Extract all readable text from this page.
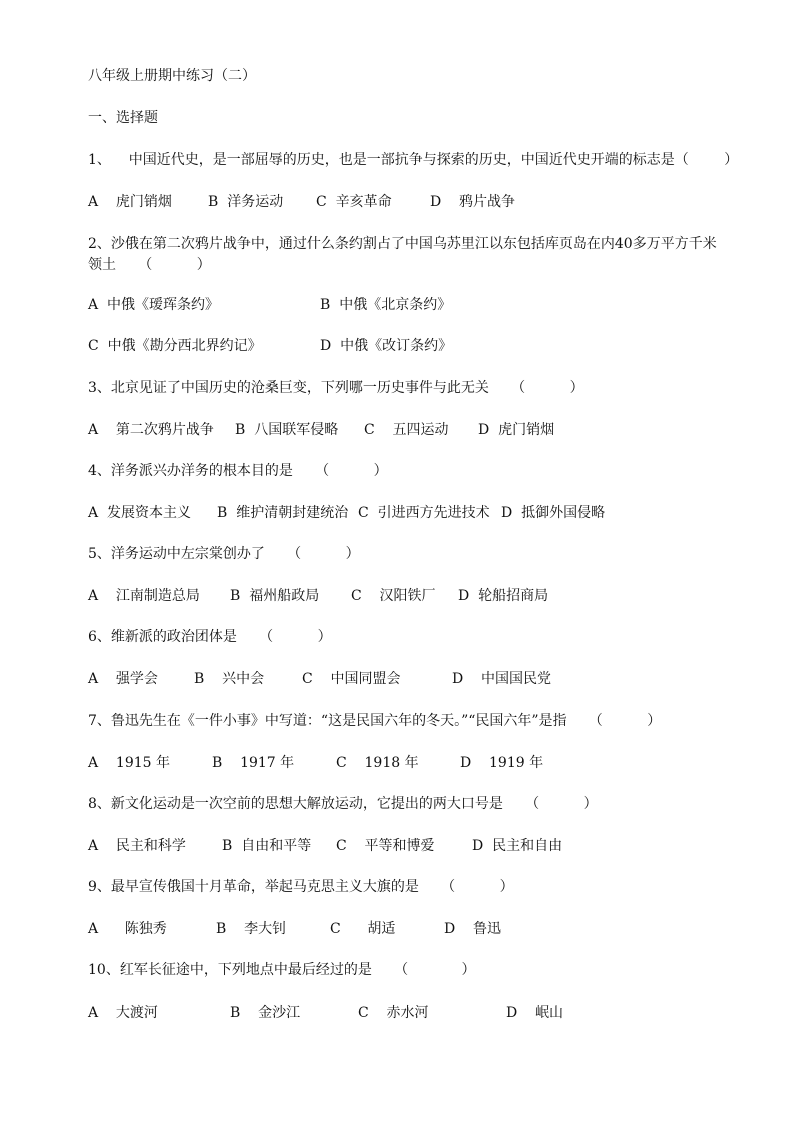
八年级上册期中练习（二）
一、选择题
1、    中国近代史，是一部屈辱的历史，也是一部抗争与探索的历史，中国近代史开端的标志是（        ）
A    虎门销烟	B  洋务运动 C  辛亥革命	D    鸦片战争
2、沙俄在第二次鸦片战争中，通过什么条约割占了中国乌苏里江以东包括库页岛在内40多万平方千米
领土     （          ）
A  中俄《瑷珲条约》	B  中俄《北京条约》
C  中俄《勘分西北界约记》	D  中俄《改订条约》
3、北京见证了中国历史的沧桑巨变，下列哪一历史事件与此无关     （          ）
A    第二次鸦片战争 B  八国联军侵略 C    五四运动 D  虎门销烟
4、洋务派兴办洋务的根本目的是     （          ）
A  发展资本主义 B  维护清朝封建统治 C  引进西方先进技术 D  抵御外国侵略
5、洋务运动中左宗棠创办了     （          ）
A    江南制造总局 B  福州船政局 C    汉阳铁厂 D  轮船招商局
6、维新派的政治团体是     （          ）
A    强学会	B    兴中会	C    中国同盟会	D    中国国民党
7、鲁迅先生在《一件小事》中写道：“这是民国六年的冬天。”“民国六年”是指     （          ）
A    1915 年	B    1917 年	C    1918 年	D    1919 年
8、新文化运动是一次空前的思想大解放运动，它提出的两大口号是     （          ）
A    民主和科学	B  自由和平等 C    平等和博爱	D  民主和自由
9、最早宣传俄国十月革命，举起马克思主义大旗的是     （          ）
A      陈独秀	B    李大钊	C      胡适	D    鲁迅
10、红军长征途中，下列地点中最后经过的是     （            ）
A    大渡河	B    金沙江	C    赤水河	D    岷山
